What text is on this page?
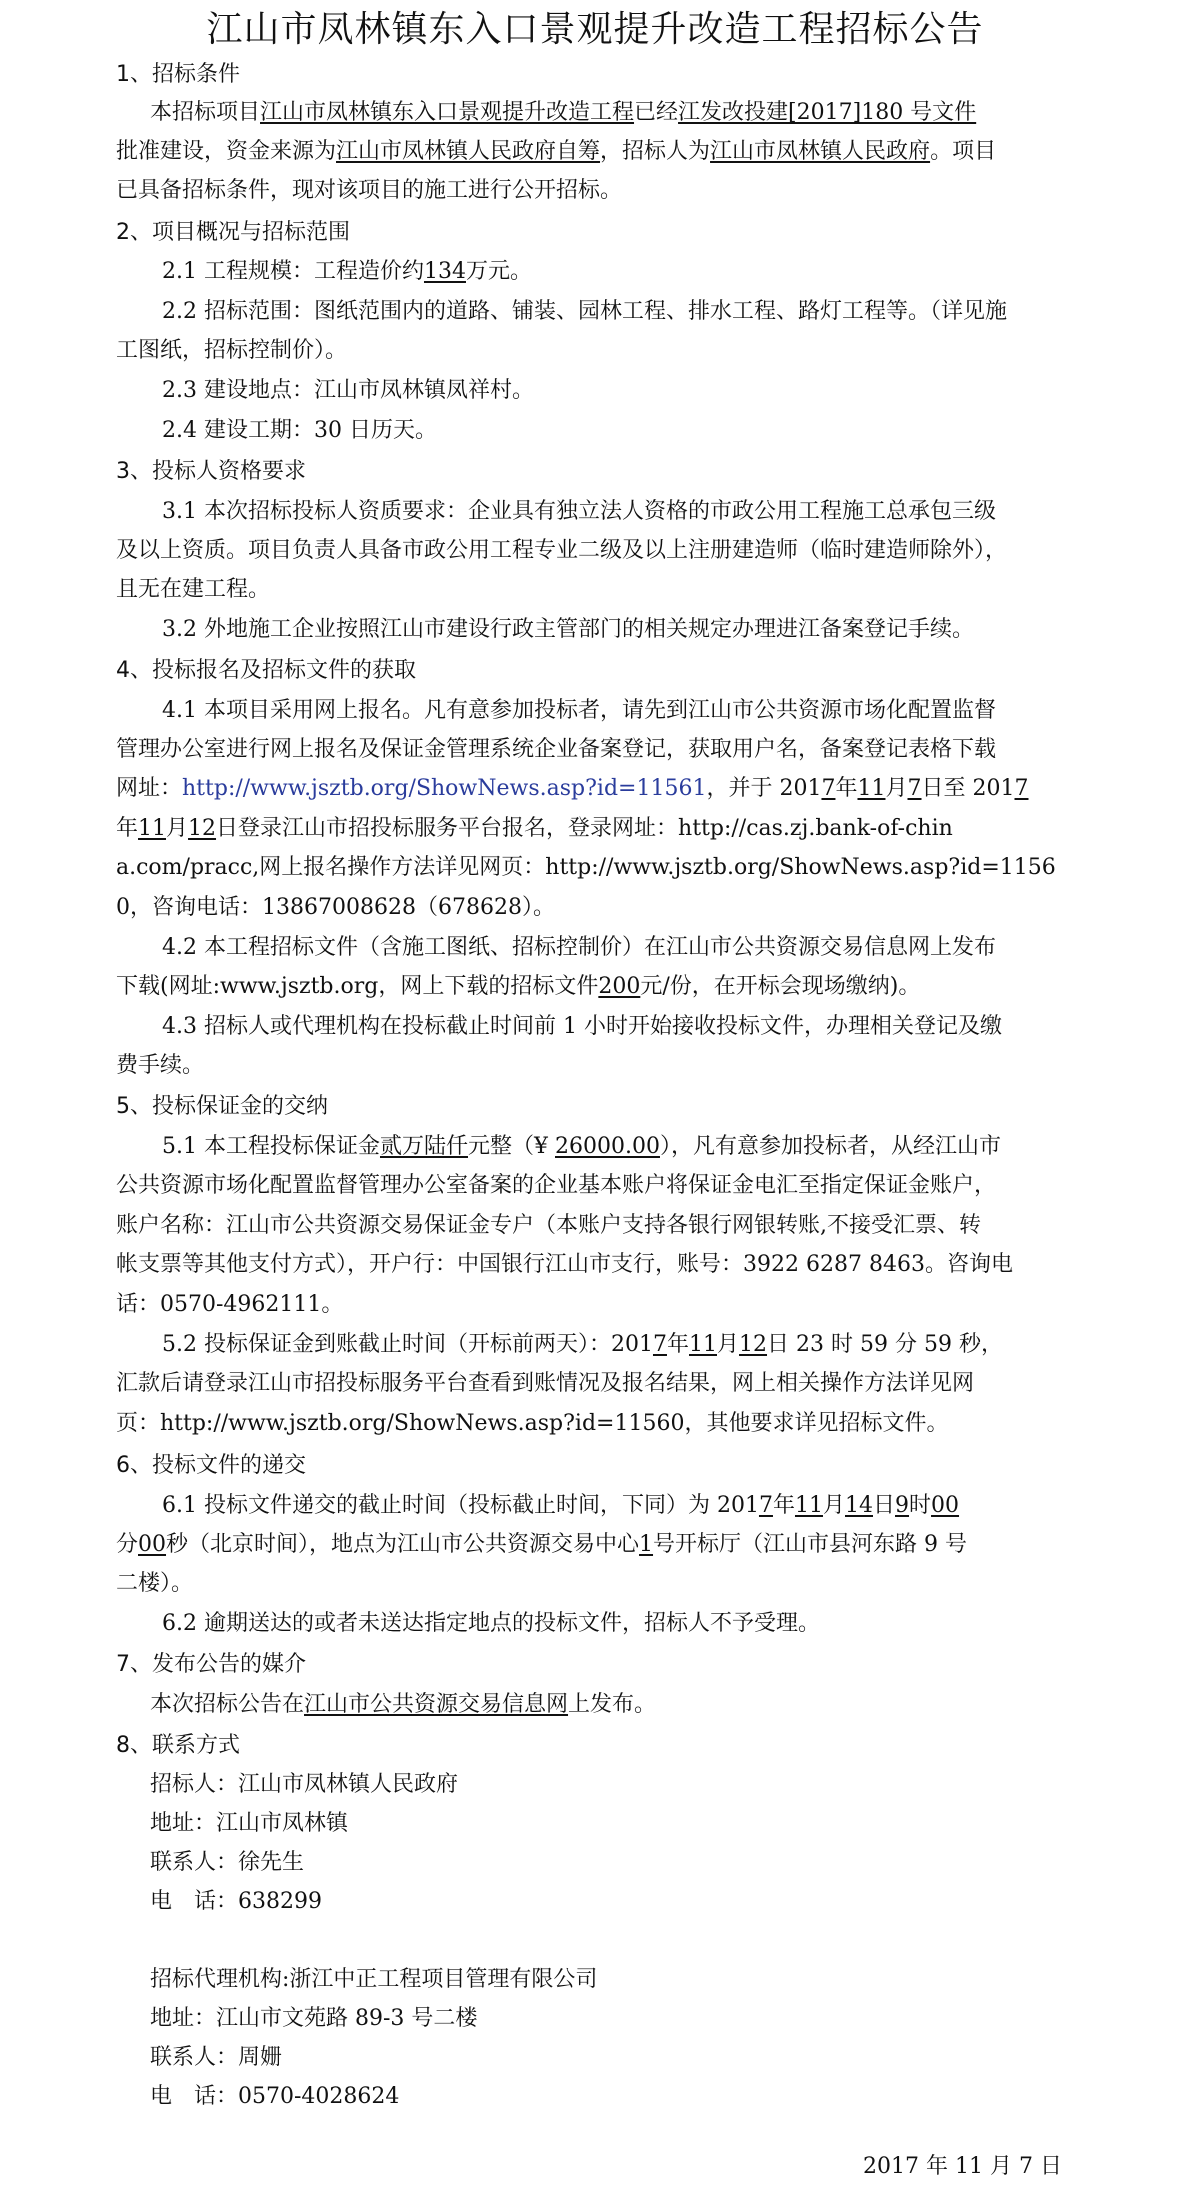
江山市凤林镇东入口景观提升改造工程招标公告
1、招标条件
本招标项目江山市凤林镇东入口景观提升改造工程已经江发改投建[2017]180 号文件
批准建设，资金来源为江山市凤林镇人民政府自筹，招标人为江山市凤林镇人民政府。项目
已具备招标条件，现对该项目的施工进行公开招标。
2、项目概况与招标范围
2.1 工程规模：工程造价约134万元。
2.2 招标范围：图纸范围内的道路、铺装、园林工程、排水工程、路灯工程等。（详见施
工图纸，招标控制价）。
2.3 建设地点：江山市凤林镇凤祥村。
2.4 建设工期：30 日历天。
3、投标人资格要求
3.1 本次招标投标人资质要求：企业具有独立法人资格的市政公用工程施工总承包三级
及以上资质。项目负责人具备市政公用工程专业二级及以上注册建造师（临时建造师除外），
且无在建工程。
3.2 外地施工企业按照江山市建设行政主管部门的相关规定办理进江备案登记手续。
4、投标报名及招标文件的获取
4.1 本项目采用网上报名。凡有意参加投标者，请先到江山市公共资源市场化配置监督
管理办公室进行网上报名及保证金管理系统企业备案登记，获取用户名，备案登记表格下载
网址：http://www.jsztb.org/ShowNews.asp?id=11561，并于 2017年11月7日至 2017
年11月12日登录江山市招投标服务平台报名，登录网址：http://cas.zj.bank-of-chin
a.com/pracc,网上报名操作方法详见网页：http://www.jsztb.org/ShowNews.asp?id=1156
0，咨询电话：13867008628（678628）。
4.2 本工程招标文件（含施工图纸、招标控制价）在江山市公共资源交易信息网上发布
下载(网址:www.jsztb.org，网上下载的招标文件200元/份，在开标会现场缴纳)。
4.3 招标人或代理机构在投标截止时间前 1 小时开始接收投标文件，办理相关登记及缴
费手续。
5、投标保证金的交纳
5.1 本工程投标保证金贰万陆仟元整（¥ 26000.00），凡有意参加投标者，从经江山市
公共资源市场化配置监督管理办公室备案的企业基本账户将保证金电汇至指定保证金账户，
账户名称：江山市公共资源交易保证金专户（本账户支持各银行网银转账,不接受汇票、转
帐支票等其他支付方式），开户行：中国银行江山市支行，账号：3922 6287 8463。咨询电
话：0570-4962111。
5.2 投标保证金到账截止时间（开标前两天）：2017年11月12日 23 时 59 分 59 秒，
汇款后请登录江山市招投标服务平台查看到账情况及报名结果，网上相关操作方法详见网
页：http://www.jsztb.org/ShowNews.asp?id=11560，其他要求详见招标文件。
6、投标文件的递交
6.1 投标文件递交的截止时间（投标截止时间，下同）为 2017年11月14日9时00
分00秒（北京时间），地点为江山市公共资源交易中心1号开标厅（江山市县河东路 9 号
二楼）。
6.2 逾期送达的或者未送达指定地点的投标文件，招标人不予受理。
7、发布公告的媒介
本次招标公告在江山市公共资源交易信息网上发布。
8、联系方式
招标人：江山市凤林镇人民政府
地址：江山市凤林镇
联系人：徐先生
电　话：638299
招标代理机构:浙江中正工程项目管理有限公司
地址：江山市文苑路 89-3 号二楼
联系人：周姗
电　话：0570-4028624
2017 年 11 月 7 日
